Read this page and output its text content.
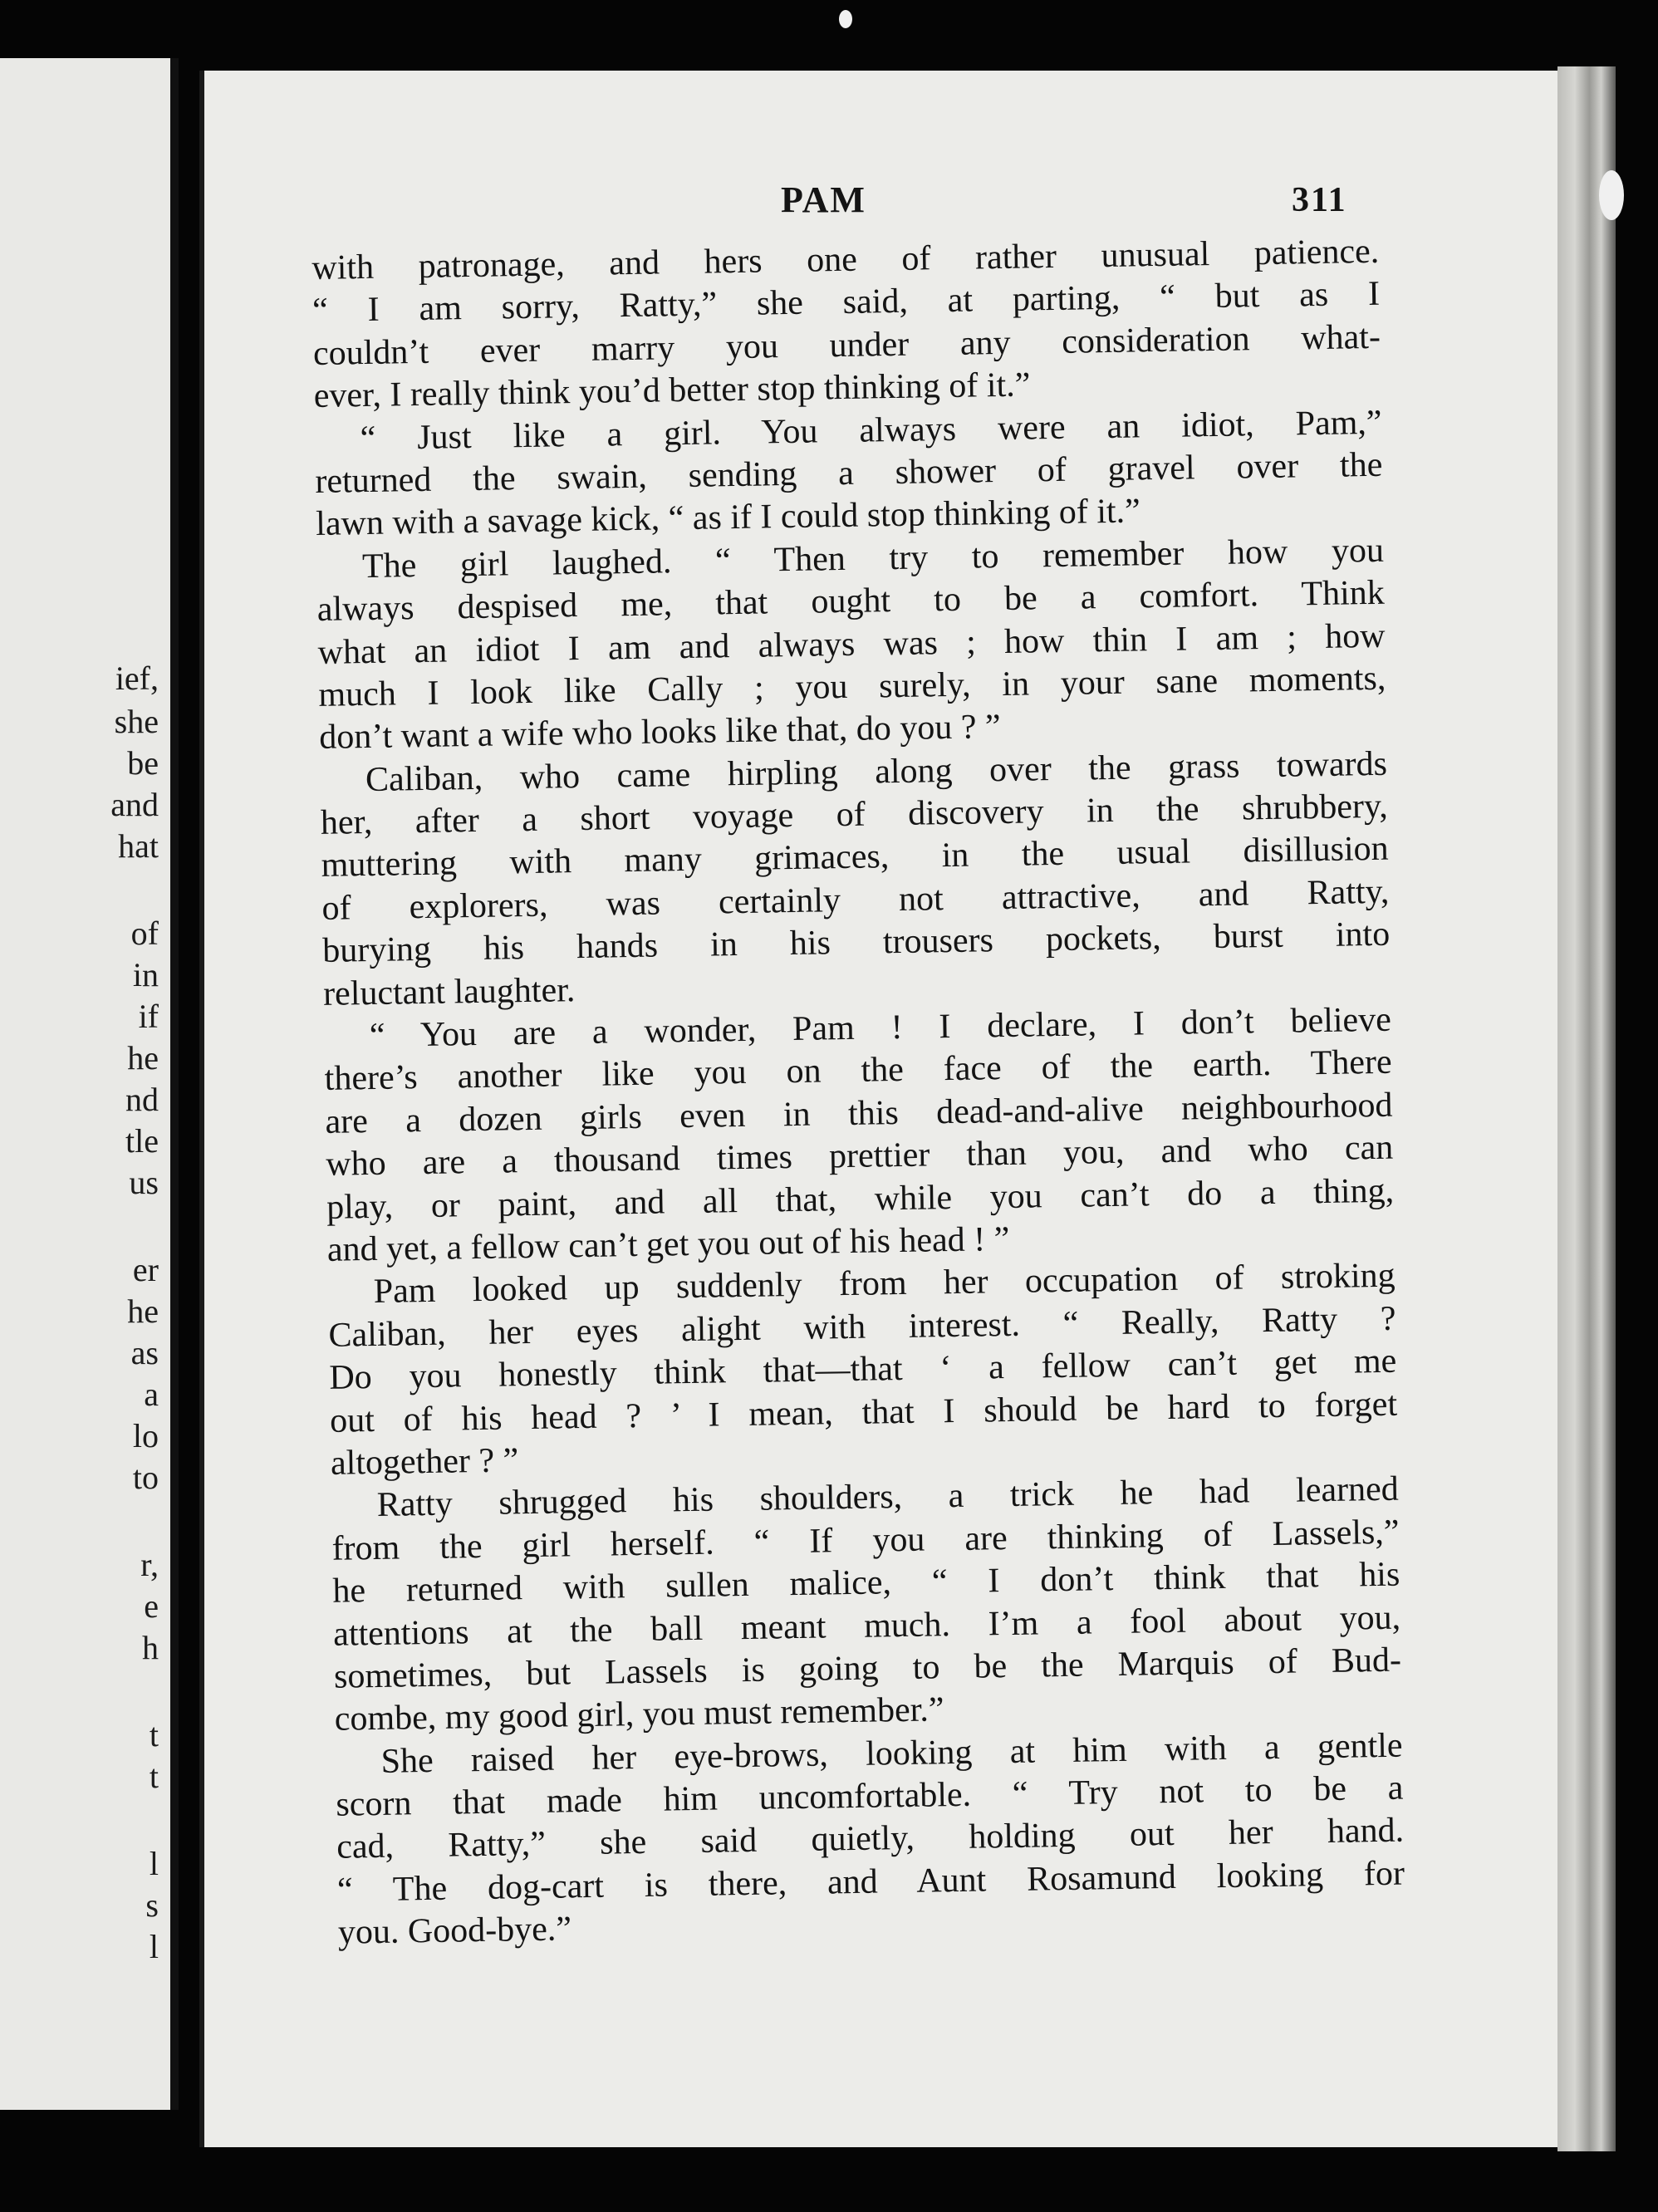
ief,
she
be
and
hat
of
in
if
he
nd
tle
us
er
he
as
a
lo
to
r,
e
h
t
t
l
s
l
PAM	311
with patronage, and hers one of rather unusual patience.
“ I am sorry, Ratty,” she said, at parting, “ but as I
couldn’t ever marry you under any consideration what-
ever, I really think you’d better stop thinking of it.”
“ Just like a girl. You always were an idiot, Pam,”
returned the swain, sending a shower of gravel over the
lawn with a savage kick, “ as if I could stop thinking of it.”
The girl laughed. “ Then try to remember how you
always despised me, that ought to be a comfort. Think
what an idiot I am and always was ; how thin I am ; how
much I look like Cally ; you surely, in your sane moments,
don’t want a wife who looks like that, do you ? ”
Caliban, who came hirpling along over the grass towards
her, after a short voyage of discovery in the shrubbery,
muttering with many grimaces, in the usual disillusion
of explorers, was certainly not attractive, and Ratty,
burying his hands in his trousers pockets, burst into
reluctant laughter.
“ You are a wonder, Pam ! I declare, I don’t believe
there’s another like you on the face of the earth. There
are a dozen girls even in this dead-and-alive neighbourhood
who are a thousand times prettier than you, and who can
play, or paint, and all that, while you can’t do a thing,
and yet, a fellow can’t get you out of his head ! ”
Pam looked up suddenly from her occupation of stroking
Caliban, her eyes alight with interest. “ Really, Ratty ?
Do you honestly think that—that ‘ a fellow can’t get me
out of his head ? ’ I mean, that I should be hard to forget
altogether ? ”
Ratty shrugged his shoulders, a trick he had learned
from the girl herself. “ If you are thinking of Lassels,”
he returned with sullen malice, “ I don’t think that his
attentions at the ball meant much. I’m a fool about you,
sometimes, but Lassels is going to be the Marquis of Bud-
combe, my good girl, you must remember.”
She raised her eye-brows, looking at him with a gentle
scorn that made him uncomfortable. “ Try not to be a
cad, Ratty,” she said quietly, holding out her hand.
“ The dog-cart is there, and Aunt Rosamund looking for
you. Good-bye.”
